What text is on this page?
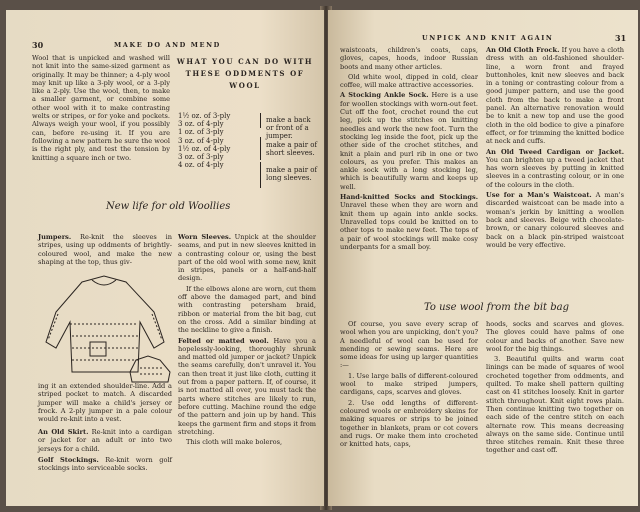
30	MAKE DO AND MEND

Wool that is unpicked and washed will not knit into the same-sized garment as originally. It may be thinner; a 4-ply wool may knit up like a 3-ply wool, or a 3-ply like a 2-ply. Use the wool, then, to make a smaller garment, or combine some other wool with it to make contrasting welts or stripes, or for yoke and pockets. Always weigh your wool, if you possibly can, before re-using it. If you are following a new pattern be sure the wool is the right ply, and test the tension by knitting a square inch or two.

WHAT YOU CAN DO WITH THESE ODDMENTS OF WOOL
1½ oz. of 3-ply
3 oz. of 4-ply
1 oz. of 3-ply
3 oz. of 4-ply
1½ oz. of 4-ply
3 oz. of 3-ply
4 oz. of 4-ply
make a back or front of a jumper.
make a pair of short sleeves.
make a pair of long sleeves.
New life for old Woollies

Jumpers. Re-knit the sleeves in stripes, using up oddments of brightly-coloured wool, and make the new shaping at the top, thus giv-

ing it an extended shoulder-line. Add a striped pocket to match. A discarded jumper will make a child's jersey or frock. A 2-ply jumper in a pale colour would re-knit into a vest.

An Old Skirt. Re-knit into a cardigan or jacket for an adult or into two jerseys for a child.

Golf Stockings. Re-knit worn golf stockings into serviceable socks.

Worn Sleeves. Unpick at the shoulder seams, and put in new sleeves knitted in a contrasting colour or, using the best part of the old wool with some new, knit in stripes, panels or a half-and-half design.

If the elbows alone are worn, cut them off above the damaged part, and bind with contrasting petersham braid, ribbon or material from the bit bag, cut on the cross. Add a similar binding at the neckline to give a finish.

Felted or matted wool. Have you a hopelessly-looking, thoroughly shrunk and matted old jumper or jacket? Unpick the seams carefully, don't unravel it. You can then treat it just like cloth, cutting it out from a paper pattern. If, of course, it is not matted all over, you must tack the parts where stitches are likely to run, before cutting. Machine round the edge of the pattern and join up by hand. This keeps the garment firm and stops it from stretching.

This cloth will make boleros,

UNPICK AND KNIT AGAIN	31

waistcoats, children's coats, caps, gloves, capes, hoods, indoor Russian boots and many other articles.

Old white wool, dipped in cold, clear coffee, will make attractive accessories.

A Stocking Ankle Sock. Here is a use for woollen stockings with worn-out feet. Cut off the foot, crochet round the cut leg, pick up the stitches on knitting needles and work the new foot. Turn the stocking leg inside the foot, pick up the other side of the crochet stitches, and knit a plain and purl rib in one or two colours, as you prefer. This makes an ankle sock with a long stocking leg, which is beautifully warm and keeps up well.

Hand-knitted Socks and Stockings. Unravel these when they are worn and knit them up again into ankle socks. Unravelled tops could be knitted on to other tops to make new feet. The tops of a pair of wool stockings will make cosy underpants for a small boy.

An Old Cloth Frock. If you have a cloth dress with an old-fashioned shoulder-line, a worn front and frayed buttonholes, knit new sleeves and back in a toning or contrasting colour from a good jumper pattern, and use the good cloth from the back to make a front panel. An alternative renovation would be to knit a new top and use the good cloth in the old bodice to give a pinafore effect, or for trimming the knitted bodice at neck and cuffs.

An Old Tweed Cardigan or Jacket. You can brighten up a tweed jacket that has worn sleeves by putting in knitted sleeves in a contrasting colour, or in one of the colours in the cloth.

Use for a Man's Waistcoat. A man's discarded waistcoat can be made into a woman's jerkin by knitting a woollen back and sleeves. Beige with chocolate-brown, or canary coloured sleeves and back on a black pin-striped waistcoat would be very effective.

To use wool from the bit bag

Of course, you save every scrap of wool when you are unpicking, don't you? A needleful of wool can be used for mending or sewing seams. Here are some ideas for using up larger quantities :—

1. Use large balls of different-coloured wool to make striped jumpers, cardigans, caps, scarves and gloves.

2. Use odd lengths of different-coloured wools or embroidery skeins for making squares or strips to be joined together in blankets, pram or cot covers and rugs. Or make them into crocheted or knitted hats, caps,

hoods, socks and scarves and gloves. The gloves could have palms of one colour and backs of another. Save new wool for the big things.

3. Beautiful quilts and warm coat linings can be made of squares of wool crocheted together from oddments, and quilted. To make shell pattern quilting cast on 41 stitches loosely. Knit in garter stitch throughout. Knit eight rows plain. Then continue knitting two together on each side of the centre stitch on each alternate row. This means decreasing always on the same side. Continue until three stitches remain. Knit these three together and cast off.
